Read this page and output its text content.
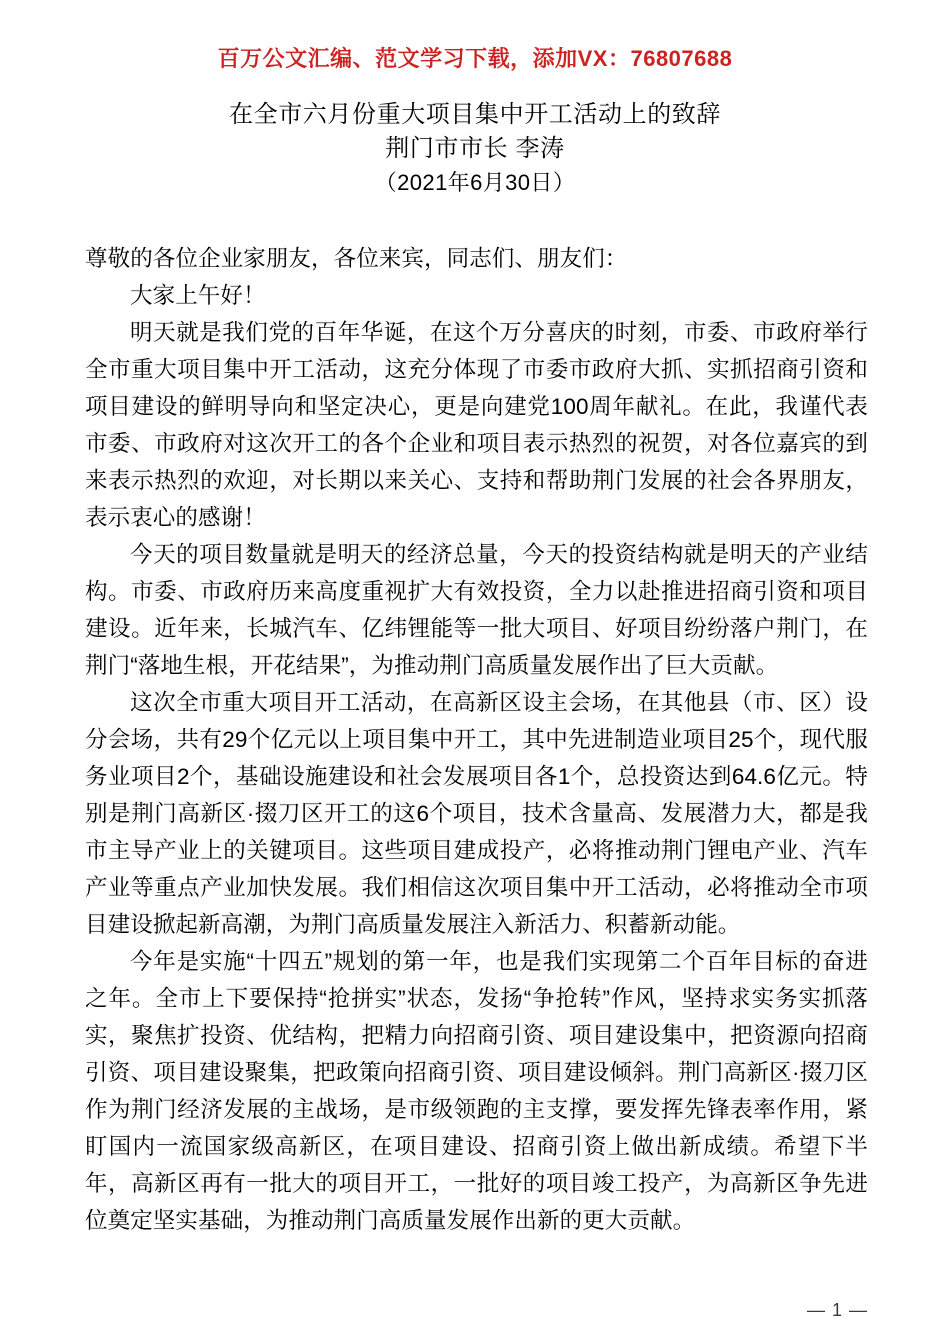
百万公文汇编、范文学习下载，添加VX：76807688
在全市六月份重大项目集中开工活动上的致辞
荆门市市长 李涛
（2021年6月30日）

尊敬的各位企业家朋友，各位来宾，同志们、朋友们：

大家上午好！

明天就是我们党的百年华诞，在这个万分喜庆的时刻，市委、市政府举行全市重大项目集中开工活动，这充分体现了市委市政府大抓、实抓招商引资和项目建设的鲜明导向和坚定决心，更是向建党100周年献礼。在此，我谨代表市委、市政府对这次开工的各个企业和项目表示热烈的祝贺，对各位嘉宾的到来表示热烈的欢迎，对长期以来关心、支持和帮助荆门发展的社会各界朋友，表示衷心的感谢！

今天的项目数量就是明天的经济总量，今天的投资结构就是明天的产业结构。市委、市政府历来高度重视扩大有效投资，全力以赴推进招商引资和项目建设。近年来，长城汽车、亿纬锂能等一批大项目、好项目纷纷落户荆门，在荆门“落地生根，开花结果”，为推动荆门高质量发展作出了巨大贡献。

这次全市重大项目开工活动，在高新区设主会场，在其他县（市、区）设分会场，共有29个亿元以上项目集中开工，其中先进制造业项目25个，现代服务业项目2个，基础设施建设和社会发展项目各1个，总投资达到64.6亿元。特别是荆门高新区·掇刀区开工的这6个项目，技术含量高、发展潜力大，都是我市主导产业上的关键项目。这些项目建成投产，必将推动荆门锂电产业、汽车产业等重点产业加快发展。我们相信这次项目集中开工活动，必将推动全市项目建设掀起新高潮，为荆门高质量发展注入新活力、积蓄新动能。

今年是实施“十四五”规划的第一年，也是我们实现第二个百年目标的奋进之年。全市上下要保持“抢拼实”状态，发扬“争抢转”作风，坚持求实务实抓落实，聚焦扩投资、优结构，把精力向招商引资、项目建设集中，把资源向招商引资、项目建设聚集，把政策向招商引资、项目建设倾斜。荆门高新区·掇刀区作为荆门经济发展的主战场，是市级领跑的主支撑，要发挥先锋表率作用，紧盯国内一流国家级高新区，在项目建设、招商引资上做出新成绩。希望下半年，高新区再有一批大的项目开工，一批好的项目竣工投产，为高新区争先进位奠定坚实基础，为推动荆门高质量发展作出新的更大贡献。

— 1 —
